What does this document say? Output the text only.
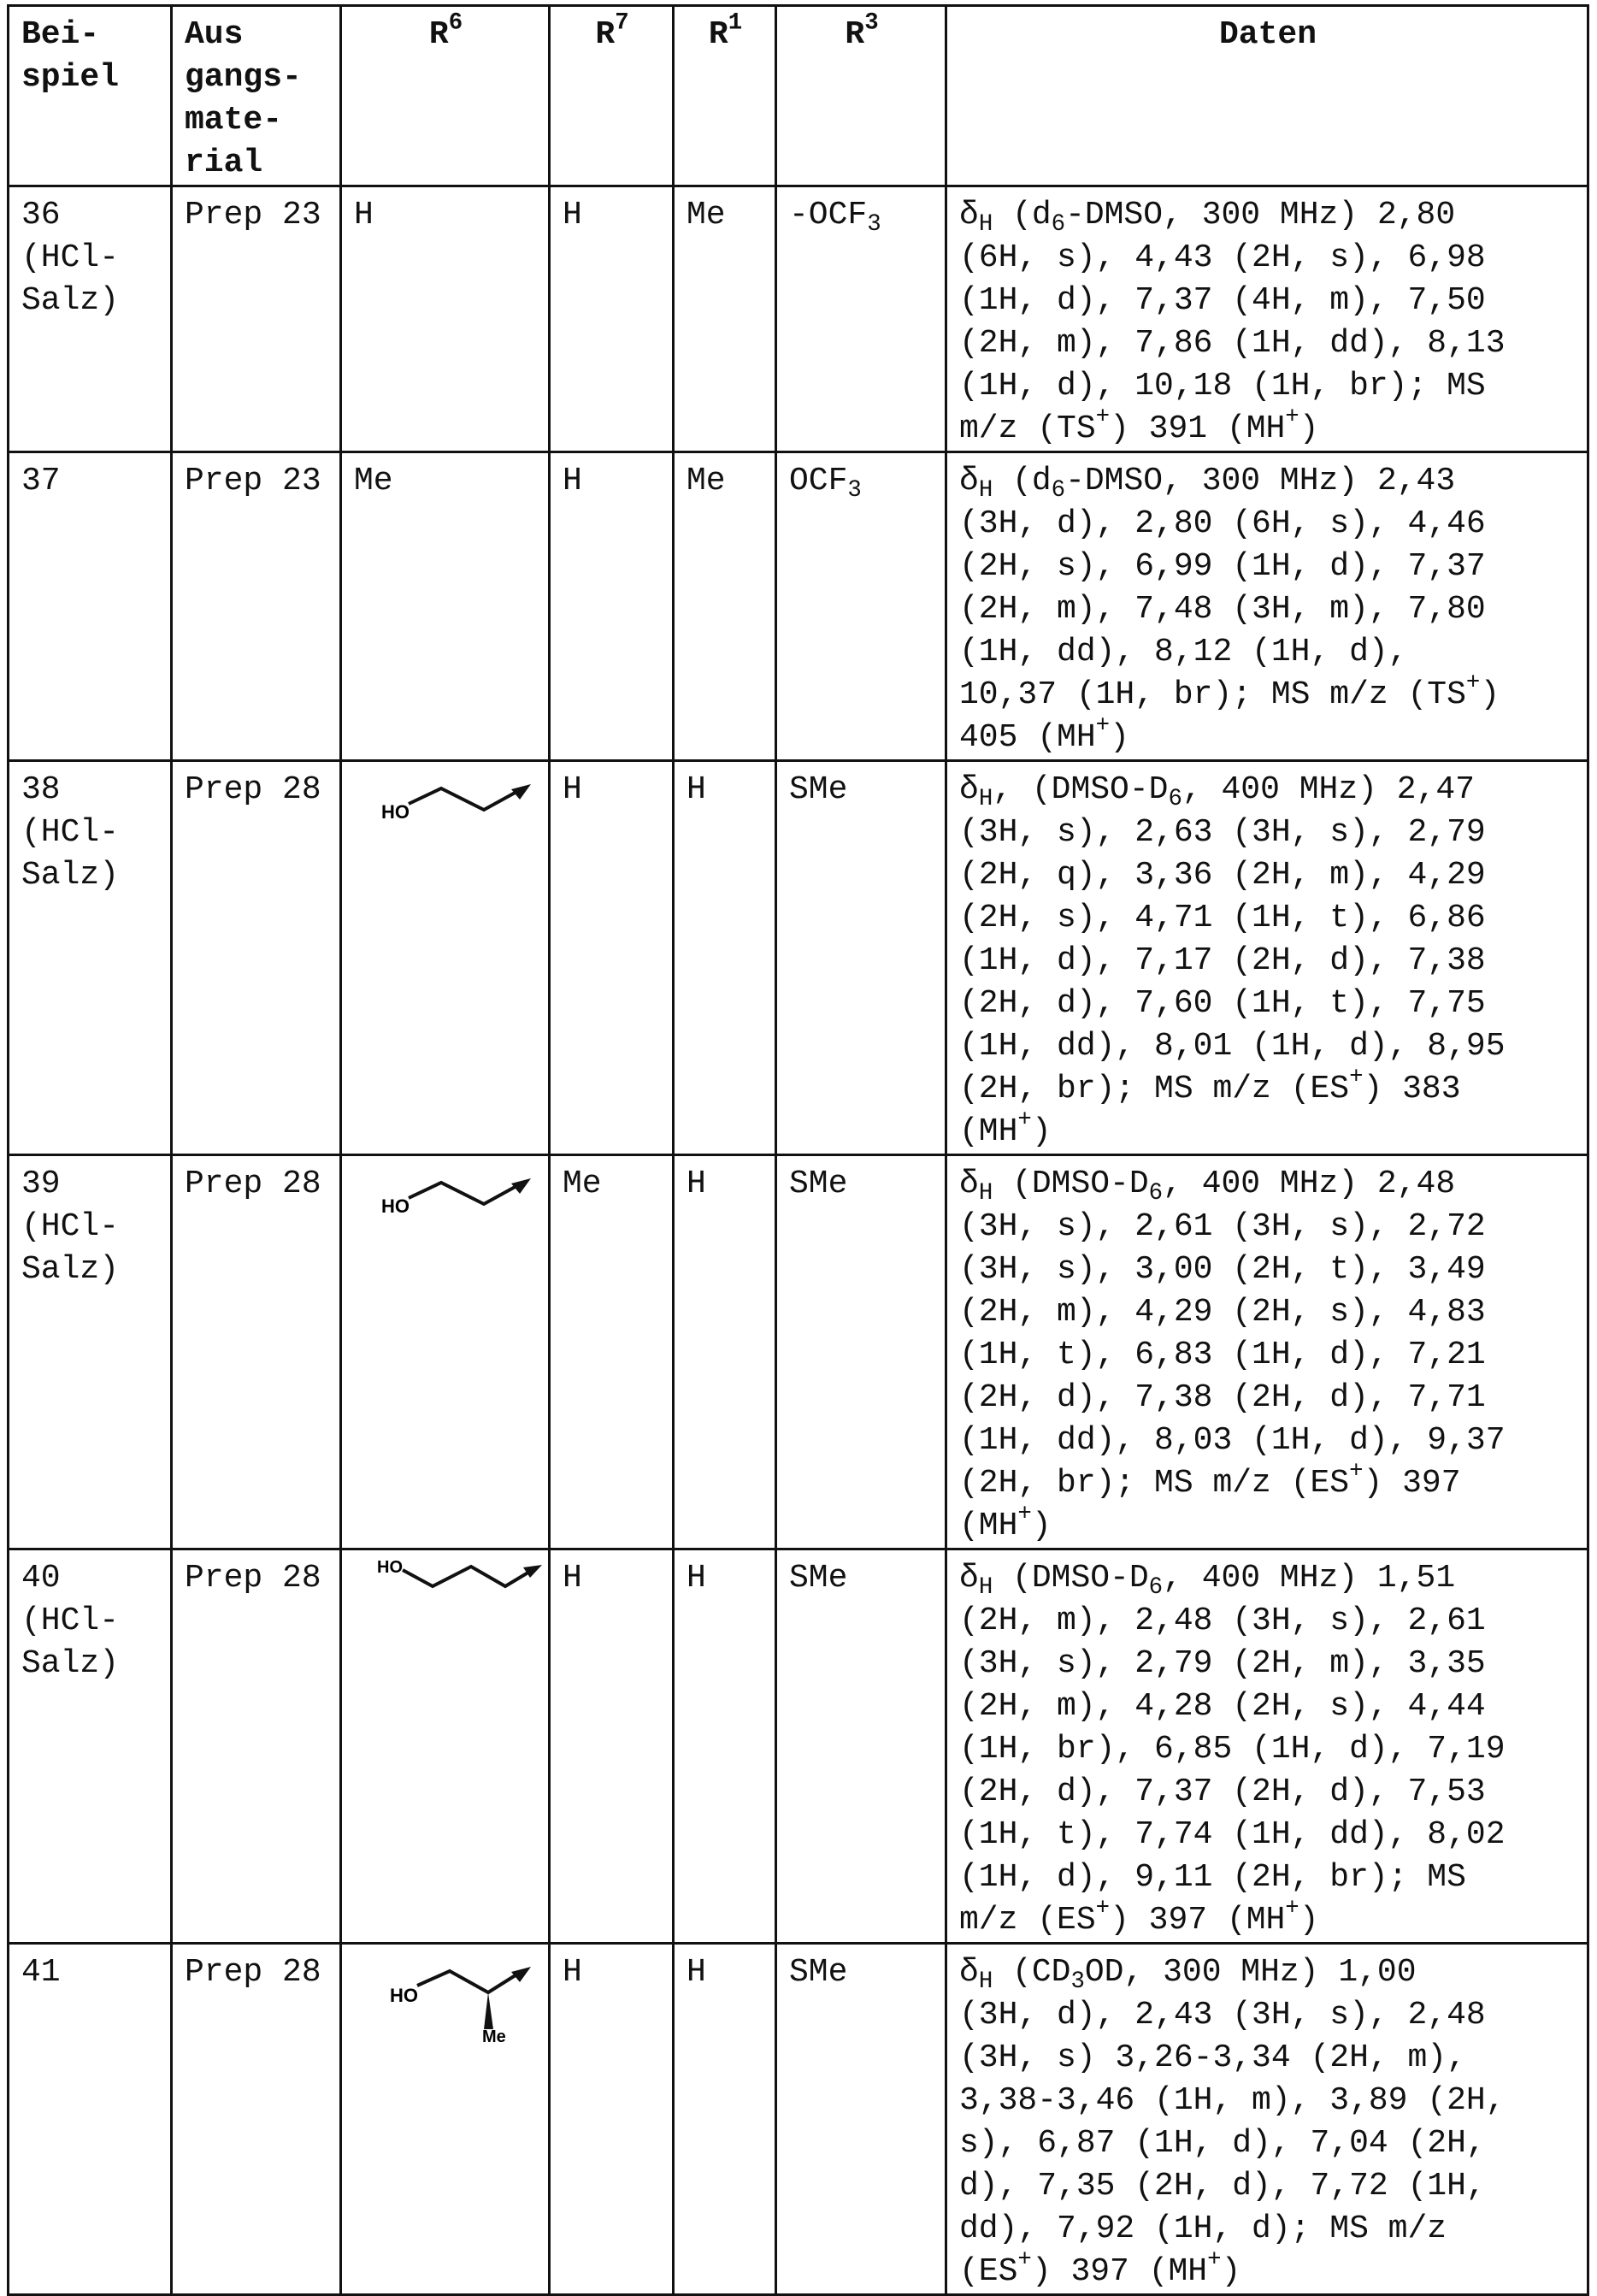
Bei-
spiel

Aus
gangs-
mate-
rial
	R6	R7	R1	R3	Daten

36
(HCl-
Salz)
	Prep 23	H	H	Me	-OCF3	δH (d6-DMSO, 300 MHz) 2,80
(6H, s), 4,43 (2H, s), 6,98
(1H, d), 7,37 (4H, m), 7,50
(2H, m), 7,86 (1H, dd), 8,13
(1H, d), 10,18 (1H, br); MS
m/z (TS+) 391 (MH+)

37	Prep 23	Me	H	Me	OCF3	δH (d6-DMSO, 300 MHz) 2,43
(3H, d), 2,80 (6H, s), 4,46
(2H, s), 6,99 (1H, d), 7,37
(2H, m), 7,48 (3H, m), 7,80
(1H, dd), 8,12 (1H, d),
10,37 (1H, br); MS m/z (TS+)
405 (MH+)

38
(HCl-
Salz)
	Prep 28	
HO
	H	H	SMe	δH, (DMSO-D6, 400 MHz) 2,47
(3H, s), 2,63 (3H, s), 2,79
(2H, q), 3,36 (2H, m), 4,29
(2H, s), 4,71 (1H, t), 6,86
(1H, d), 7,17 (2H, d), 7,38
(2H, d), 7,60 (1H, t), 7,75
(1H, dd), 8,01 (1H, d), 8,95
(2H, br); MS m/z (ES+) 383
(MH+)

39
(HCl-
Salz)
	Prep 28	
HO
	Me	H	SMe	δH (DMSO-D6, 400 MHz) 2,48
(3H, s), 2,61 (3H, s), 2,72
(3H, s), 3,00 (2H, t), 3,49
(2H, m), 4,29 (2H, s), 4,83
(1H, t), 6,83 (1H, d), 7,21
(2H, d), 7,38 (2H, d), 7,71
(1H, dd), 8,03 (1H, d), 9,37
(2H, br); MS m/z (ES+) 397
(MH+)

40
(HCl-
Salz)
	Prep 28	HO	H	H	SMe	δH (DMSO-D6, 400 MHz) 1,51
(2H, m), 2,48 (3H, s), 2,61
(3H, s), 2,79 (2H, m), 3,35
(2H, m), 4,28 (2H, s), 4,44
(1H, br), 6,85 (1H, d), 7,19
(2H, d), 7,37 (2H, d), 7,53
(1H, t), 7,74 (1H, dd), 8,02
(1H, d), 9,11 (2H, br); MS
m/z (ES+) 397 (MH+)

41	Prep 28	
HO
Me
	H	H	SMe	δH (CD3OD, 300 MHz) 1,00
(3H, d), 2,43 (3H, s), 2,48
(3H, s) 3,26-3,34 (2H, m),
3,38-3,46 (1H, m), 3,89 (2H,
s), 6,87 (1H, d), 7,04 (2H,
d), 7,35 (2H, d), 7,72 (1H,
dd), 7,92 (1H, d); MS m/z
(ES+) 397 (MH+)
